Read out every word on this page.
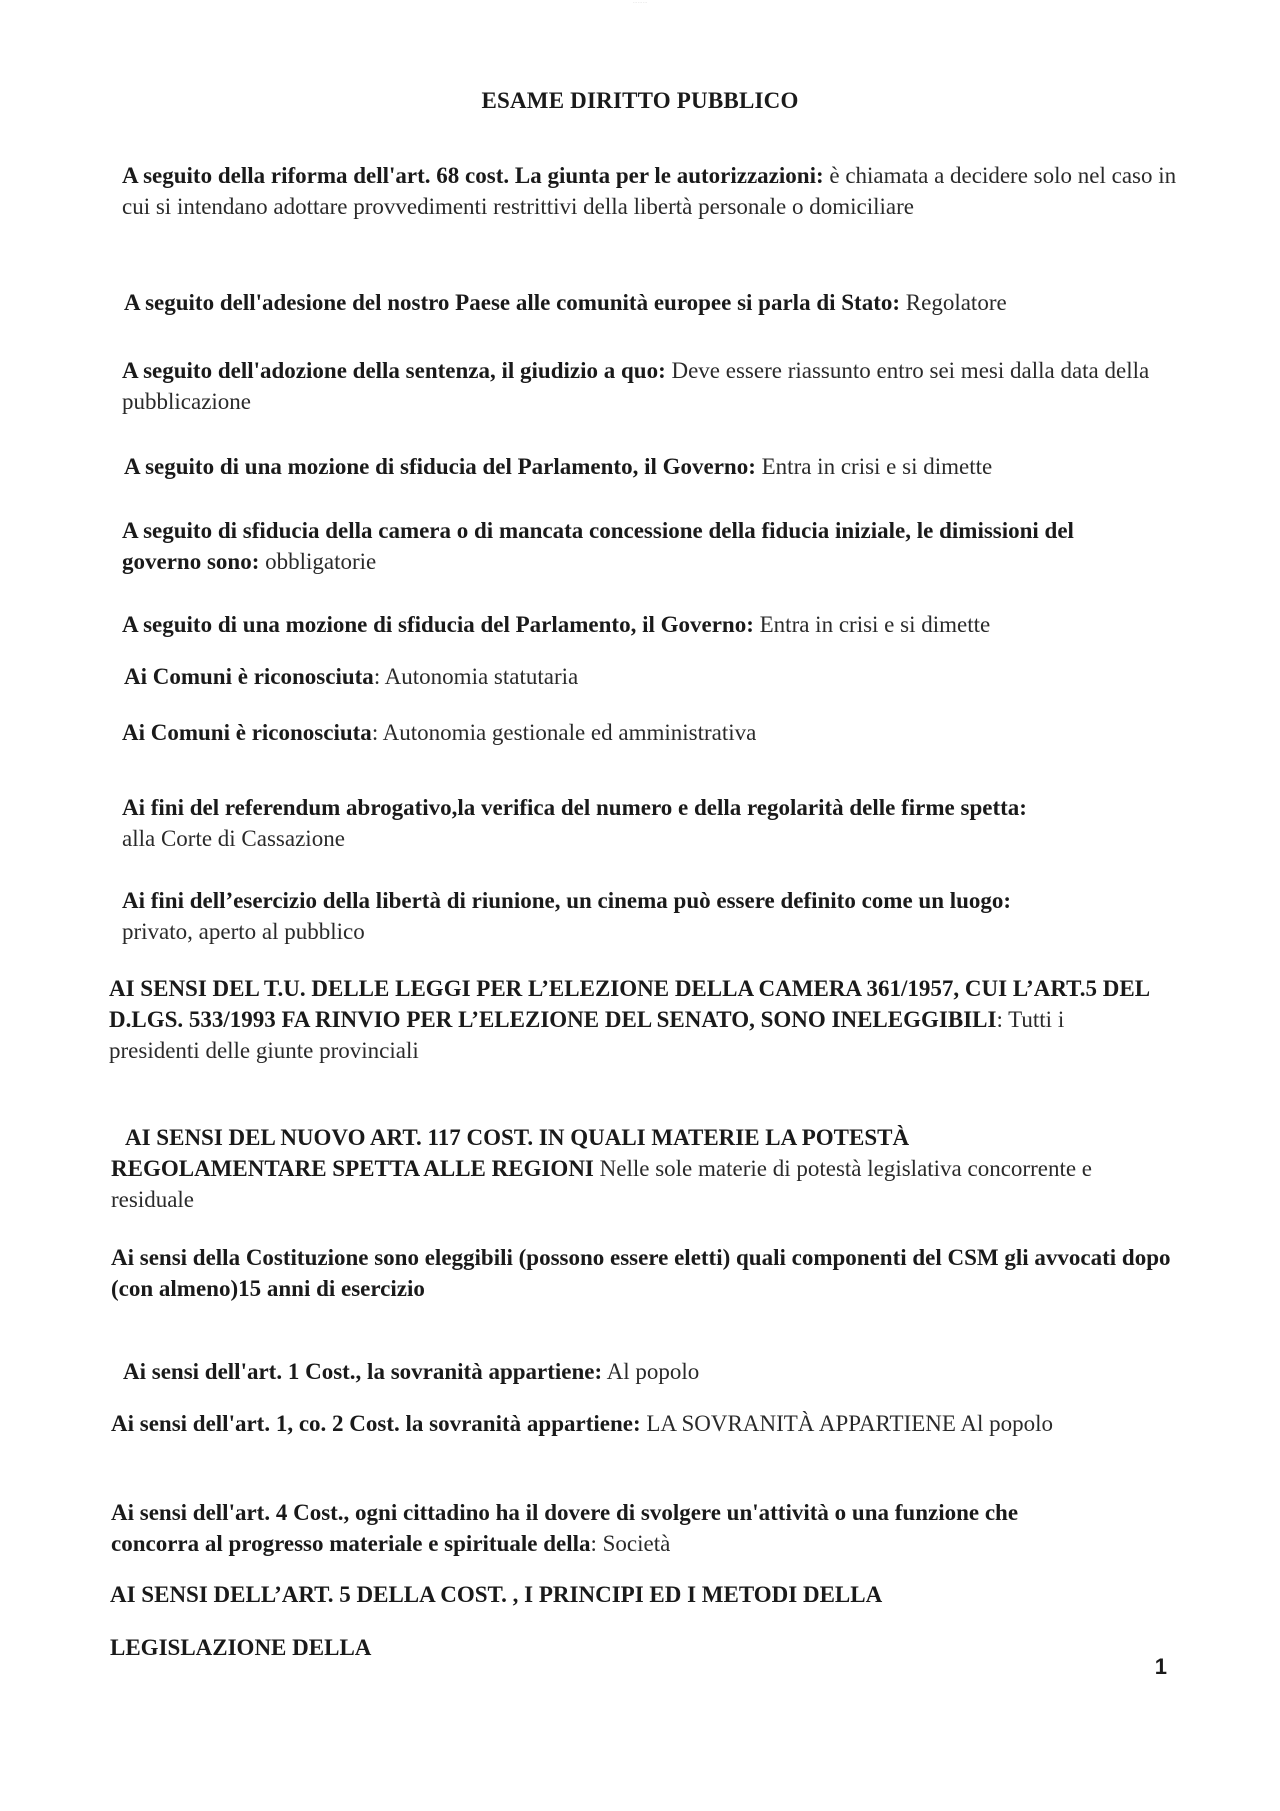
··· ··· ···
ESAME DIRITTO PUBBLICO
A seguito della riforma dell'art. 68 cost. La giunta per le autorizzazioni: è chiamata a decidere solo nel caso in cui si intendano adottare provvedimenti restrittivi della libertà personale o domiciliare
A seguito dell'adesione del nostro Paese alle comunità europee si parla di Stato: Regolatore
A seguito dell'adozione della sentenza, il giudizio a quo: Deve essere riassunto entro sei mesi dalla data della pubblicazione
A seguito di una mozione di sfiducia del Parlamento, il Governo: Entra in crisi e si dimette
A seguito di sfiducia della camera o di mancata concessione della fiducia iniziale, le dimissioni del governo sono: obbligatorie
A seguito di una mozione di sfiducia del Parlamento, il Governo: Entra in crisi e si dimette
Ai Comuni è riconosciuta: Autonomia statutaria
Ai Comuni è riconosciuta: Autonomia gestionale ed amministrativa
Ai fini del referendum abrogativo,la verifica del numero e della regolarità delle firme spetta:
alla Corte di Cassazione
Ai fini dell’esercizio della libertà di riunione, un cinema può essere definito come un luogo:
privato, aperto al pubblico
AI SENSI DEL T.U. DELLE LEGGI PER L’ELEZIONE DELLA CAMERA 361/1957, CUI L’ART.5 DEL D.LGS. 533/1993 FA RINVIO PER L’ELEZIONE DEL SENATO, SONO INELEGGIBILI: Tutti i presidenti delle giunte provinciali
AI SENSI DEL NUOVO ART. 117 COST. IN QUALI MATERIE LA POTESTÀ REGOLAMENTARE SPETTA ALLE REGIONI Nelle sole materie di potestà legislativa concorrente e residuale
Ai sensi della Costituzione sono eleggibili (possono essere eletti) quali componenti del CSM gli avvocati dopo (con almeno)15 anni di esercizio
Ai sensi dell'art. 1 Cost., la sovranità appartiene: Al popolo
Ai sensi dell'art. 1, co. 2 Cost. la sovranità appartiene: LA SOVRANITÀ APPARTIENE Al popolo
Ai sensi dell'art. 4 Cost., ogni cittadino ha il dovere di svolgere un'attività o una funzione che concorra al progresso materiale e spirituale della: Società
AI SENSI DELL’ART. 5 DELLA COST. , I PRINCIPI ED I METODI DELLA
LEGISLAZIONE DELLA
1
